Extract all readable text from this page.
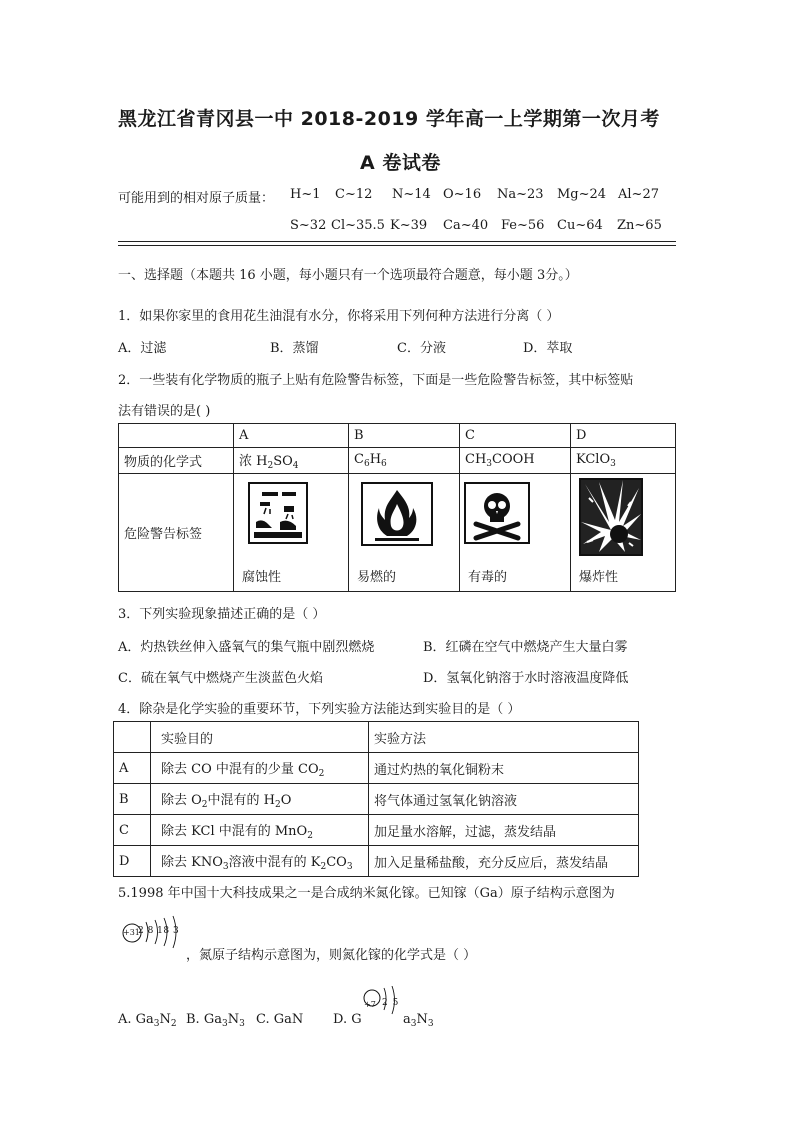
黑龙江省青冈县一中 2018-2019 学年高一上学期第一次月考
A 卷试卷
可能用到的相对原子质量： H~1 C~12 N~14 O~16 Na~23 Mg~24 Al~27
S~32 Cl~35.5 K~39 Ca~40 Fe~56 Cu~64 Zn~65
一、选择题（本题共 16 小题，每小题只有一个选项最符合题意，每小题 3分。）
1．如果你家里的食用花生油混有水分，你将采用下列何种方法进行分离（ ）
A．过滤	B．蒸馏	C．分液	D．萃取
2．一些装有化学物质的瓶子上贴有危险警告标签，下面是一些危险警告标签，其中标签贴
法有错误的是( )
	A	B	C	D
物质的化学式	浓 $H_2SO_4$	$C_6H_6$	$CH_3COOH$	KClO$_3$
危险警告标签	腐蚀性	易燃的	有毒的	爆炸性
3．下列实验现象描述正确的是（ ）
A．灼热铁丝伸入盛氧气的集气瓶中剧烈燃烧	B．红磷在空气中燃烧产生大量白雾
C．硫在氧气中燃烧产生淡蓝色火焰	D．氢氧化钠溶于水时溶液温度降低
4．除杂是化学实验的重要环节，下列实验方法能达到实验目的是（ ）
	实验目的	实验方法
A	除去 CO 中混有的少量 $CO_2$	通过灼热的氧化铜粉末
B	除去 $O_2$中混有的 $H_2O$	将气体通过氢氧化钠溶液
C	除去 KCl 中混有的 MnO$_2$	加足量水溶解，过滤，蒸发结晶
D	除去 $KNO_3$溶液中混有的 $K_2CO_3$	加入足量稀盐酸，充分反应后，蒸发结晶
5.1998 年中国十大科技成果之一是合成纳米氮化镓。已知镓（Ga）原子结构示意图为
+31
2 8 18 3
，氮原子结构示意图为，则氮化镓的化学式是（ ）
+7 2 5
A. $Ga_3N_2$ B. $Ga_3N_3$ C. GaN D. G	$a_3N_3$
